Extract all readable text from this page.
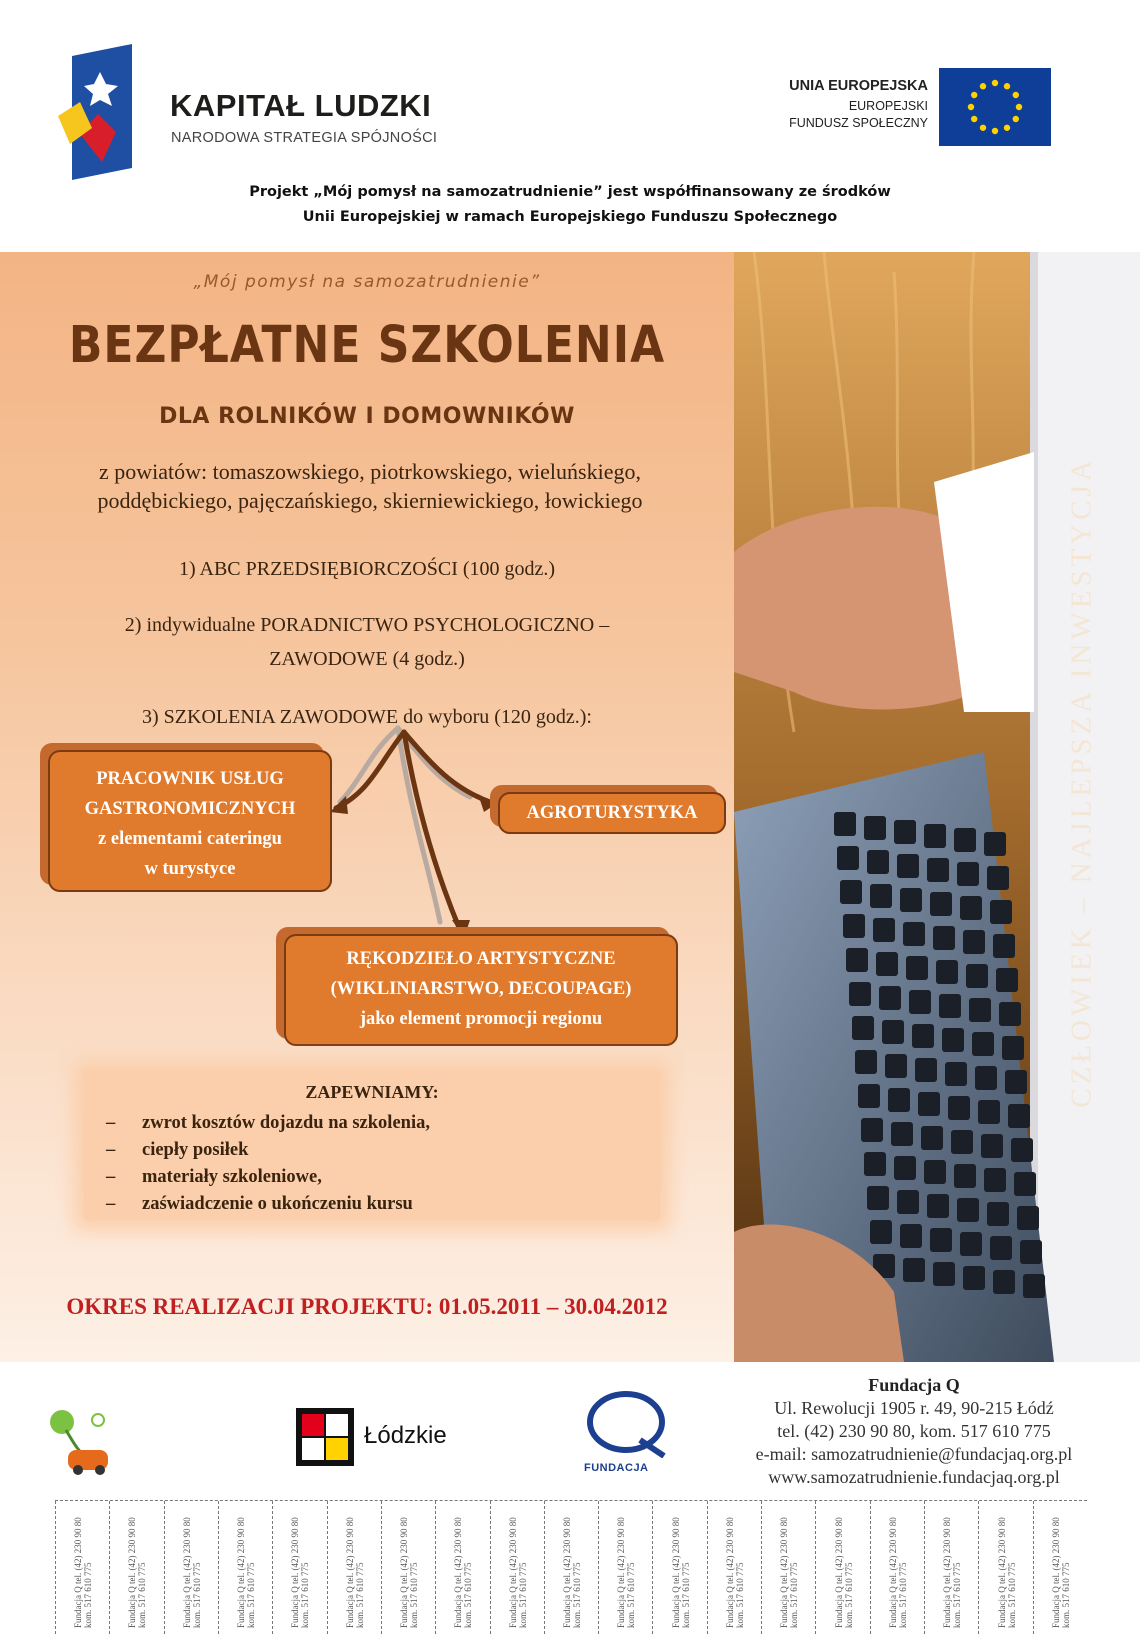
KAPITAŁ LUDZKI
NARODOWA STRATEGIA SPÓJNOŚCI
UNIA EUROPEJSKA
EUROPEJSKI
FUNDUSZ SPOŁECZNY
Projekt „Mój pomysł na samozatrudnienie” jest współfinansowany ze środków
Unii Europejskiej w ramach Europejskiego Funduszu Społecznego
CZŁOWIEK – NAJLEPSZA INWESTYCJA
„Mój pomysł na samozatrudnienie”
BEZPŁATNE SZKOLENIA
DLA ROLNIKÓW I DOMOWNIKÓW
z powiatów: tomaszowskiego, piotrkowskiego, wieluńskiego,
poddębickiego, pajęczańskiego, skierniewickiego, łowickiego
1) ABC PRZEDSIĘBIORCZOŚCI (100 godz.)
2) indywidualne PORADNICTWO PSYCHOLOGICZNO –
ZAWODOWE (4 godz.)
3) SZKOLENIA ZAWODOWE do wyboru (120 godz.):
PRACOWNIK USŁUG
GASTRONOMICZNYCH
z elementami cateringu
w turystyce
AGROTURYSTYKA
RĘKODZIEŁO ARTYSTYCZNE
(WIKLINIARSTWO, DECOUPAGE)
jako element promocji regionu
ZAPEWNIAMY:
– zwrot kosztów dojazdu na szkolenia,
– ciepły posiłek
– materiały szkoleniowe,
– zaświadczenie o ukończeniu kursu
OKRES REALIZACJI PROJEKTU: 01.05.2011 – 30.04.2012
Łódzkie
FUNDACJA
Fundacja Q
Ul. Rewolucji 1905 r. 49, 90-215 Łódź
tel. (42) 230 90 80, kom. 517 610 775
e-mail: samozatrudnienie@fundacjaq.org.pl
www.samozatrudnienie.fundacjaq.org.pl
Fundacja Q tel. (42) 230 90 80 kom. 517 610 775	Fundacja Q tel. (42) 230 90 80 kom. 517 610 775	Fundacja Q tel. (42) 230 90 80 kom. 517 610 775	Fundacja Q tel. (42) 230 90 80 kom. 517 610 775	Fundacja Q tel. (42) 230 90 80 kom. 517 610 775	Fundacja Q tel. (42) 230 90 80 kom. 517 610 775	Fundacja Q tel. (42) 230 90 80 kom. 517 610 775	Fundacja Q tel. (42) 230 90 80 kom. 517 610 775	Fundacja Q tel. (42) 230 90 80 kom. 517 610 775	Fundacja Q tel. (42) 230 90 80 kom. 517 610 775	Fundacja Q tel. (42) 230 90 80 kom. 517 610 775	Fundacja Q tel. (42) 230 90 80 kom. 517 610 775	Fundacja Q tel. (42) 230 90 80 kom. 517 610 775	Fundacja Q tel. (42) 230 90 80 kom. 517 610 775	Fundacja Q tel. (42) 230 90 80 kom. 517 610 775	Fundacja Q tel. (42) 230 90 80 kom. 517 610 775	Fundacja Q tel. (42) 230 90 80 kom. 517 610 775	Fundacja Q tel. (42) 230 90 80 kom. 517 610 775	Fundacja Q tel. (42) 230 90 80 kom. 517 610 775
